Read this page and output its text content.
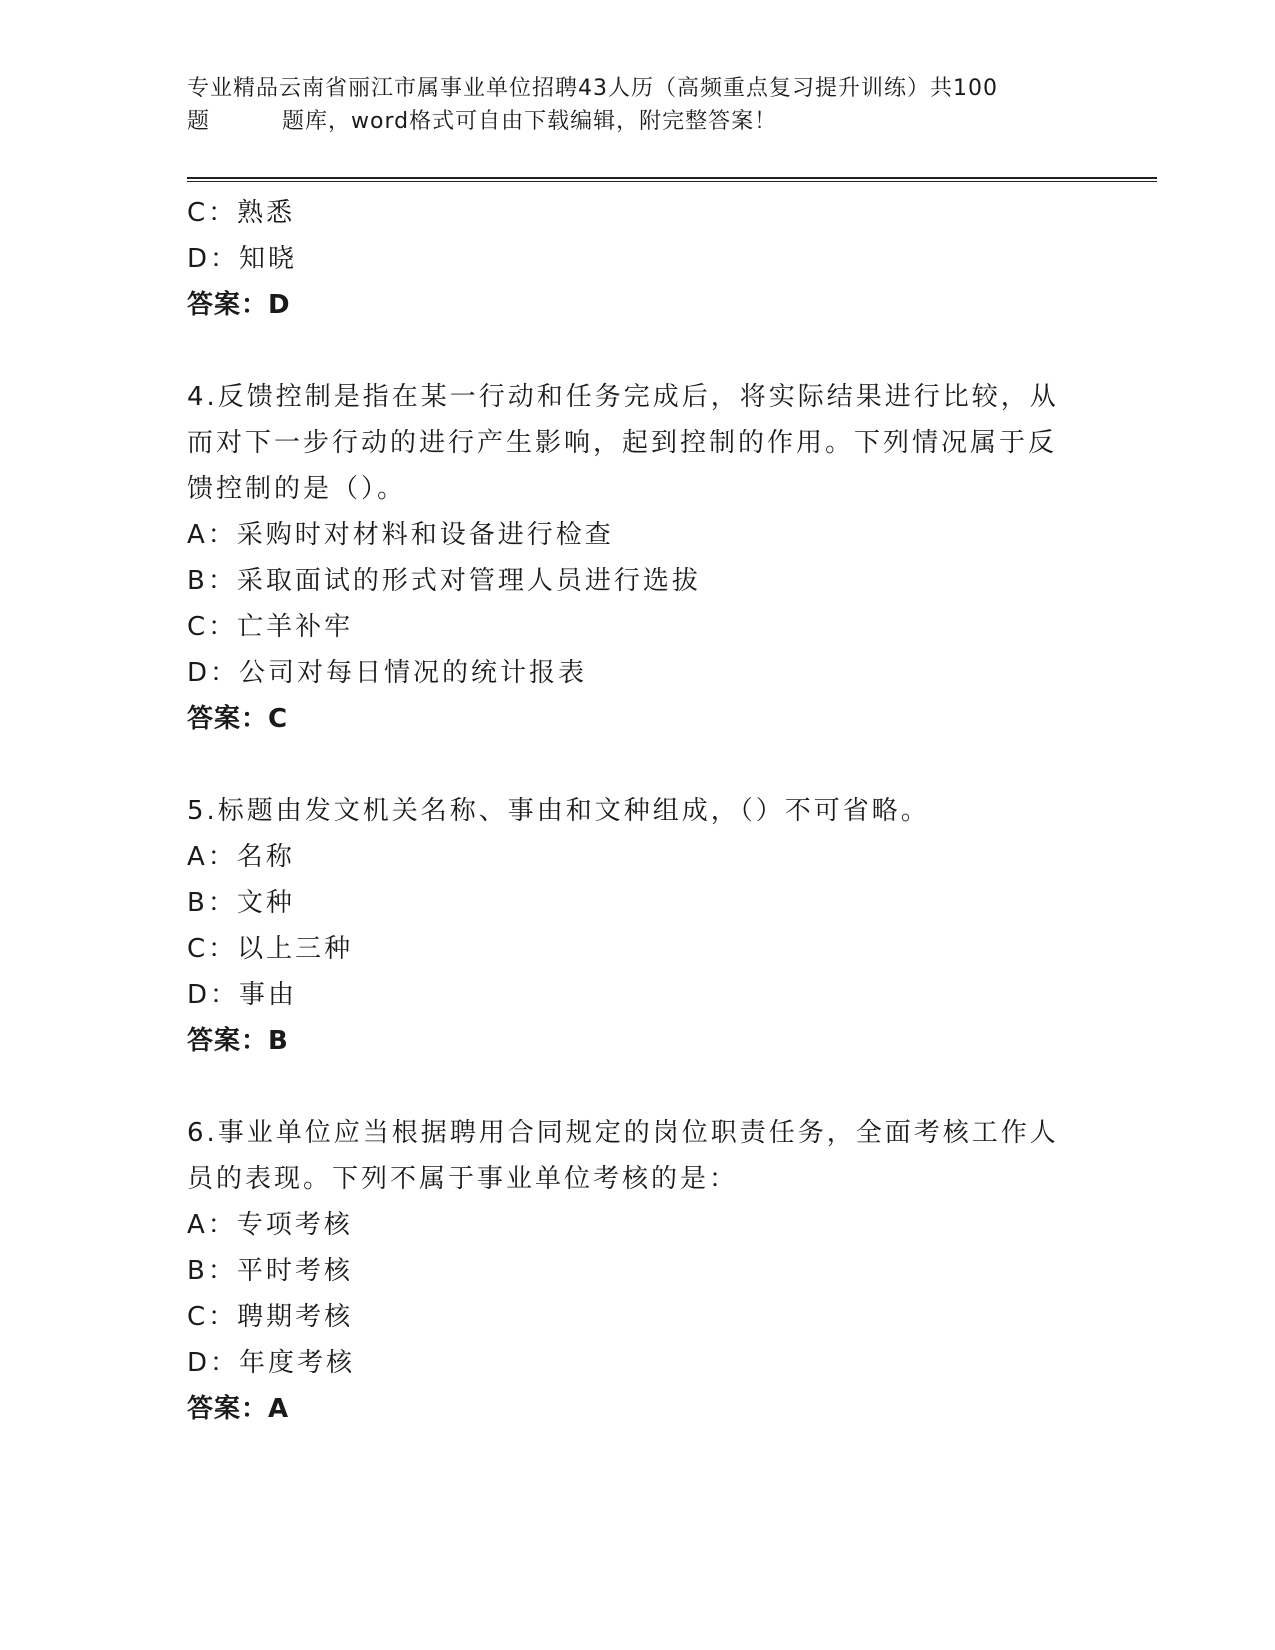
专业精品云南省丽江市属事业单位招聘43人历（高频重点复习提升训练）共100
题	题库，word格式可自由下载编辑，附完整答案！
C：熟悉
D：知晓
答案：D
4.反馈控制是指在某一行动和任务完成后，将实际结果进行比较，从
而对下一步行动的进行产生影响，起到控制的作用。下列情况属于反
馈控制的是（）。
A：采购时对材料和设备进行检查
B：采取面试的形式对管理人员进行选拔
C：亡羊补牢
D：公司对每日情况的统计报表
答案：C
5.标题由发文机关名称、事由和文种组成，（）不可省略。
A：名称
B：文种
C：以上三种
D：事由
答案：B
6.事业单位应当根据聘用合同规定的岗位职责任务，全面考核工作人
员的表现。下列不属于事业单位考核的是：
A：专项考核
B：平时考核
C：聘期考核
D：年度考核
答案：A
